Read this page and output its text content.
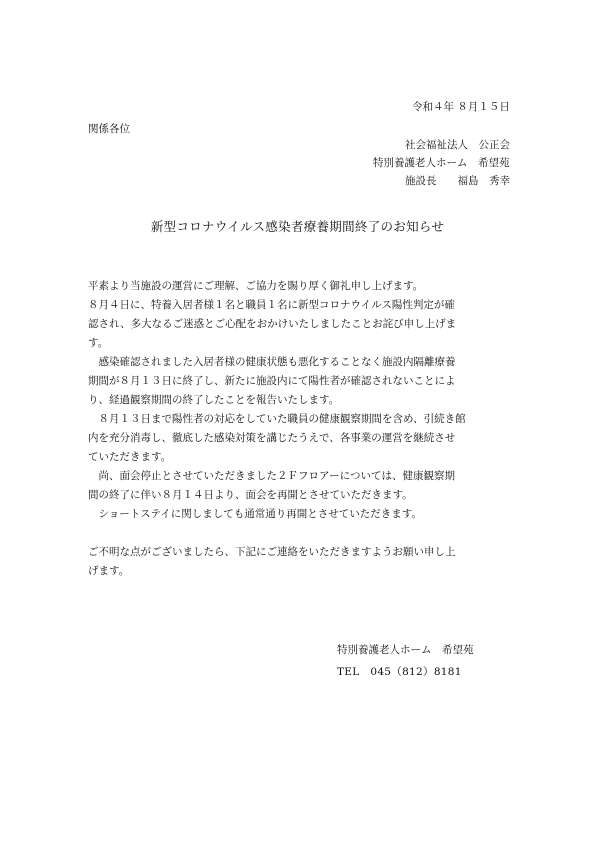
令和４年 ８月１５日
関係各位
社会福祉法人　公正会
特別養護老人ホーム　希望苑
施設長　　福島　秀幸
新型コロナウイルス感染者療養期間終了のお知らせ

平素より当施設の運営にご理解、ご協力を賜り厚く御礼申し上げます。

８月４日に、特養入居者様１名と職員１名に新型コロナウイルス陽性判定が確

認され、多大なるご迷惑とご心配をおかけいたしましたことお詫び申し上げま

す。

感染確認されました入居者様の健康状態も悪化することなく施設内隔離療養

期間が８月１３日に終了し、新たに施設内にて陽性者が確認されないことによ

り、経過観察期間の終了したことを報告いたします。

８月１３日まで陽性者の対応をしていた職員の健康観察期間を含め、引続き館

内を充分消毒し、徹底した感染対策を講じたうえで、各事業の運営を継続させ

ていただきます。

尚、面会停止とさせていただきました２Ｆフロアーについては、健康観察期

間の終了に伴い８月１４日より、面会を再開とさせていただきます。

ショートステイに関しましても通常通り再開とさせていただきます。

ご不明な点がございましたら、下記にご連絡をいただきますようお願い申し上

げます。

特別養護老人ホーム　希望苑
TEL　045（812）8181
